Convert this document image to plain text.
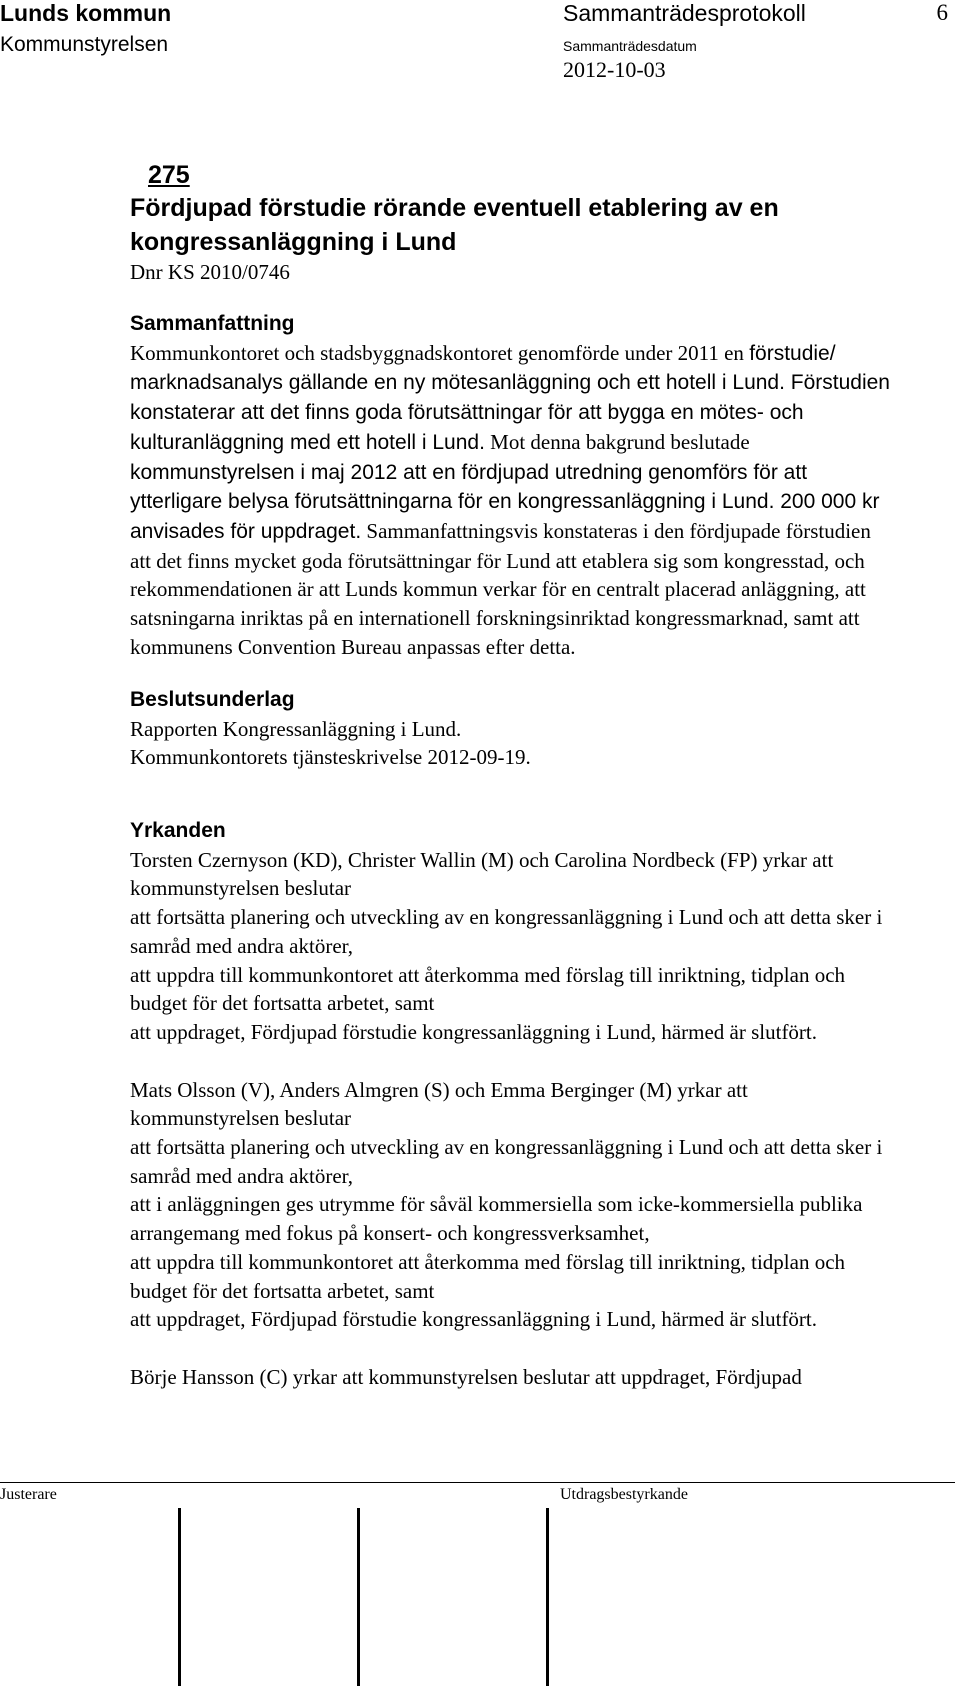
Lunds kommun
Kommunstyrelsen
Sammanträdesprotokoll	6
Sammanträdesdatum
2012-10-03
275
Fördjupad förstudie rörande eventuell etablering av en kongressanläggning i Lund
Dnr KS 2010/0746

Sammanfattning

Kommunkontoret och stadsbyggnadskontoret genomförde under 2011 en förstudie/ marknadsanalys gällande en ny mötesanläggning och ett hotell i Lund. Förstudien konstaterar att det finns goda förutsättningar för att bygga en mötes- och kulturanläggning med ett hotell i Lund. Mot denna bakgrund beslutade kommunstyrelsen i maj 2012 att en fördjupad utredning genomförs för att ytterligare belysa förutsättningarna för en kongressanläggning i Lund. 200 000 kr anvisades för uppdraget. Sammanfattningsvis konstateras i den fördjupade förstudien att det finns mycket goda förutsättningar för Lund att etablera sig som kongresstad, och rekommendationen är att Lunds kommun verkar för en centralt placerad anläggning, att satsningarna inriktas på en internationell forskningsinriktad kongressmarknad, samt att kommunens Convention Bureau anpassas efter detta.

Beslutsunderlag

Rapporten Kongressanläggning i Lund.

Kommunkontorets tjänsteskrivelse 2012-09-19.

Yrkanden

Torsten Czernyson (KD), Christer Wallin (M) och Carolina Nordbeck (FP) yrkar att kommunstyrelsen beslutar

att fortsätta planering och utveckling av en kongressanläggning i Lund och att detta sker i samråd med andra aktörer,

att uppdra till kommunkontoret att återkomma med förslag till inriktning, tidplan och budget för det fortsatta arbetet, samt

att uppdraget, Fördjupad förstudie kongressanläggning i Lund, härmed är slutfört.

Mats Olsson (V), Anders Almgren (S) och Emma Berginger (M) yrkar att kommunstyrelsen beslutar

att fortsätta planering och utveckling av en kongressanläggning i Lund och att detta sker i samråd med andra aktörer,

att i anläggningen ges utrymme för såväl kommersiella som icke-kommersiella publika arrangemang med fokus på konsert- och kongressverksamhet,

att uppdra till kommunkontoret att återkomma med förslag till inriktning, tidplan och budget för det fortsatta arbetet, samt

att uppdraget, Fördjupad förstudie kongressanläggning i Lund, härmed är slutfört.

Börje Hansson (C) yrkar att kommunstyrelsen beslutar att uppdraget, Fördjupad

Justerare	Utdragsbestyrkande
